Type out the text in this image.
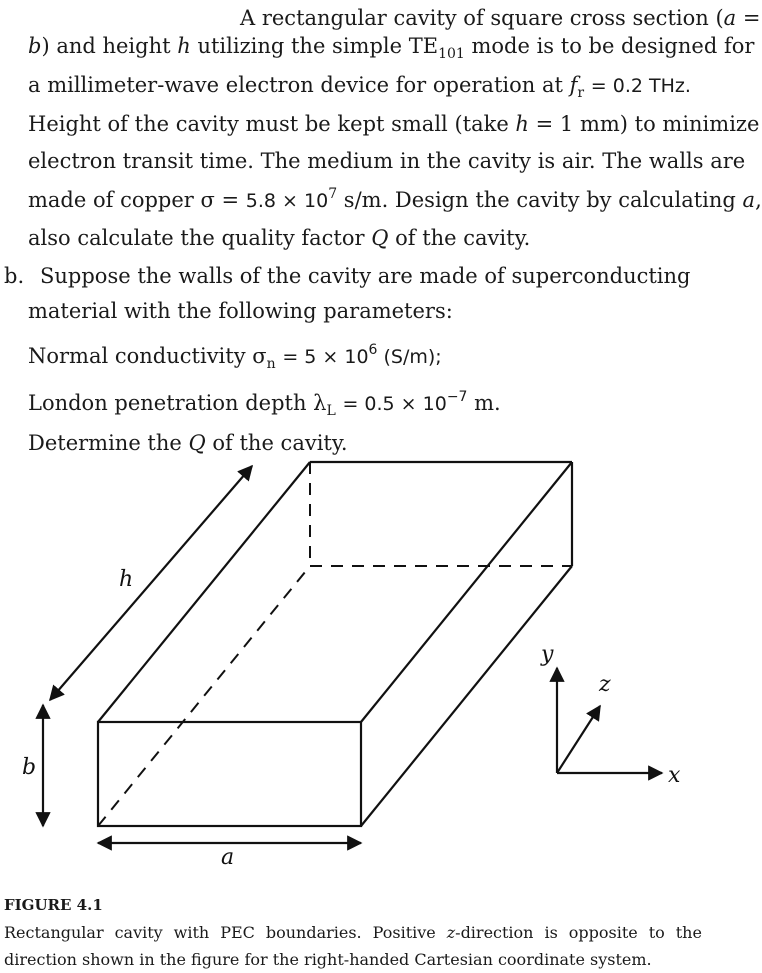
A rectangular cavity of square cross section (a =
b) and height h utilizing the simple $TE_{101}$ mode is to be designed for
a millimeter-wave electron device for operation at $f_r = 0.2$ THz.
Height of the cavity must be kept small (take h = 1 mm) to minimize
electron transit time. The medium in the cavity is air. The walls are
made of copper $\sigma = 5.8 \times 10^7$ s/m. Design the cavity by calculating a,
also calculate the quality factor Q of the cavity.
b. Suppose the walls of the cavity are made of superconducting
material with the following parameters:
Normal conductivity $\sigma_n = 5 \times 10^6$ (S/m);
London penetration depth $\lambda_L = 0.5 \times 10^{-7}$ m.
Determine the Q of the cavity.
h
b
a
y
z
x
FIGURE 4.1
Rectangular cavity with PEC boundaries. Positive z-direction is opposite to the
direction shown in the figure for the right-handed Cartesian coordinate system.
